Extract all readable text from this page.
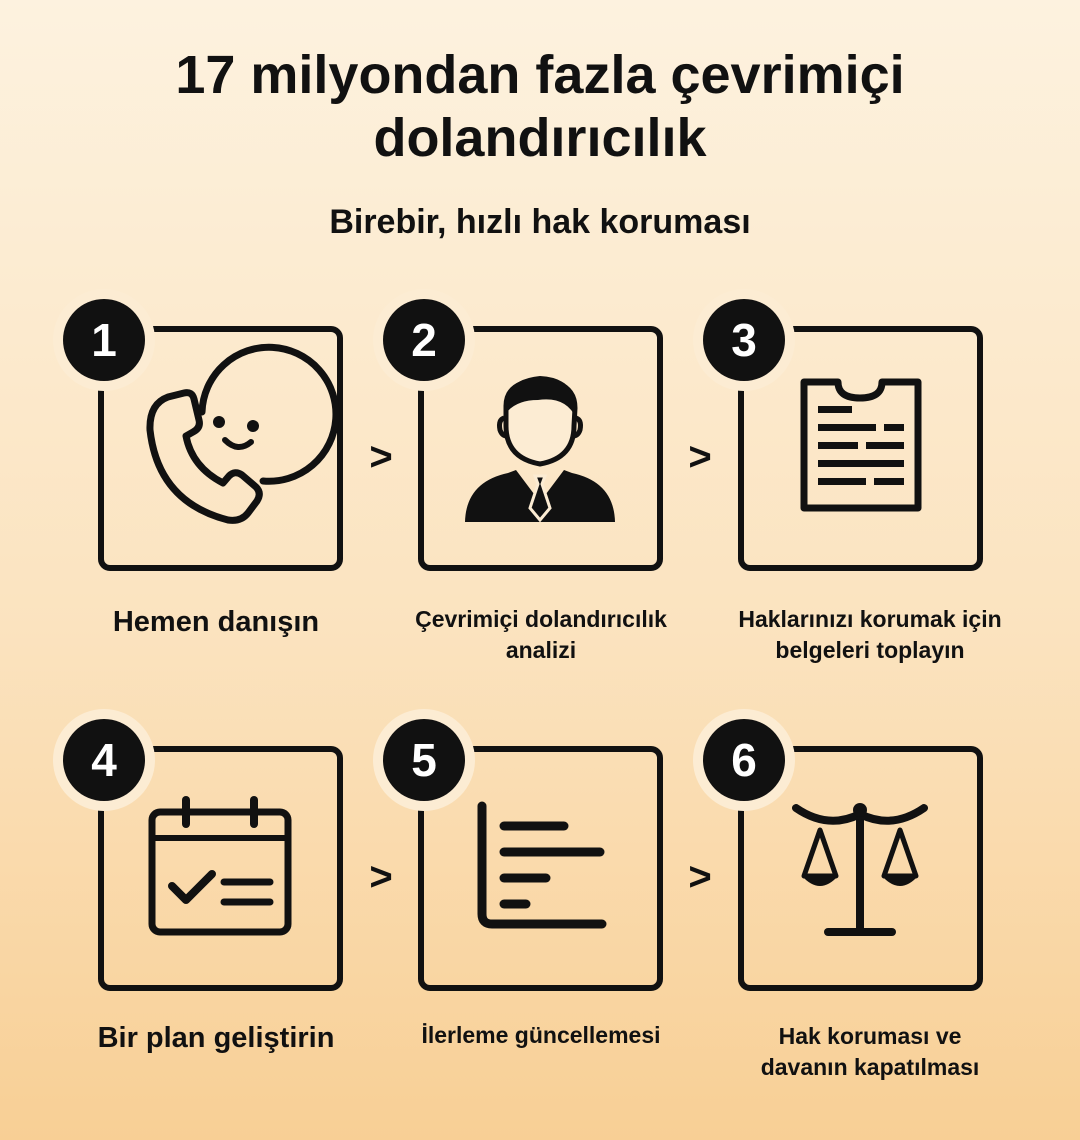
17 milyondan fazla çevrimiçi
dolandırıcılık
Birebir, hızlı hak koruması
1
>
2
>
3
4
>
5
>
6
Hemen danışın	Çevrimiçi dolandırıcılık
analizi
Haklarınızı korumak için
belgeleri toplayın
Bir plan geliştirin	İlerleme güncellemesi	Hak koruması ve
davanın kapatılması
